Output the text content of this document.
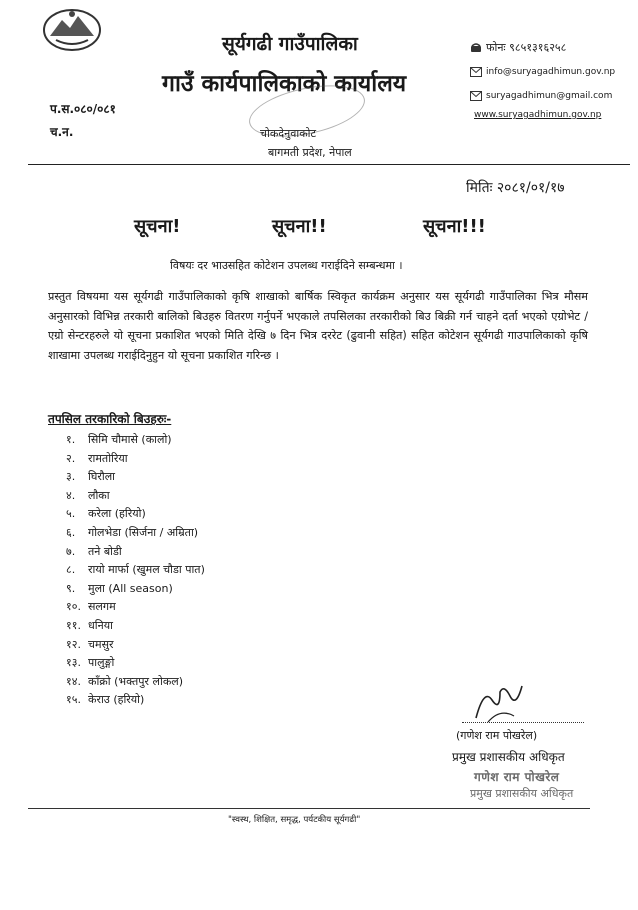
सूर्यगढी गाउँपालिका
गाउँ कार्यपालिकाको कार्यालय
चोकदेनुवाकोट
बागमती प्रदेश, नेपाल
प.स.०८०/०८१
च.न.
फोनः ९८५१३१६२५८
info@suryagadhimun.gov.np
suryagadhimun@gmail.com
www.suryagadhimun.gov.np
मितिः २०८१/०१/१७
सूचना!	सूचना!!	सूचना!!!
विषयः दर भाउसहित कोटेशन उपलब्ध गराईदिने सम्बन्धमा ।
प्रस्तुत विषयमा यस सूर्यगढी गाउँपालिकाको कृषि शाखाको बार्षिक स्विकृत कार्यक्रम अनुसार यस सूर्यगढी गाउँपालिका भित्र मौसम अनुसारको विभिन्न तरकारी बालिको बिउहरु वितरण गर्नुपर्ने भएकाले तपसिलका तरकारीको बिउ बिक्री गर्न चाहने दर्ता भएको एग्रोभेट / एग्रो सेन्टरहरुले यो सूचना प्रकाशित भएको मिति देखि ७ दिन भित्र दररेट (ढुवानी सहित) सहित कोटेशन सूर्यगढी गाउपालिकाको कृषि शाखामा उपलब्ध गराईदिनुहुन यो सूचना प्रकाशित गरिन्छ ।
तपसिल तरकारिको बिउहरुः-
१. सिमि चौमासे (कालो)
२. रामतोरिया
३. घिरौला
४. लौका
५. करेला (हरियो)
६. गोलभेडा (सिर्जना / अम्रिता)
७. तने बोडी
८. रायो मार्फा (खुमल चौडा पात)
९. मुला (All season)
१०. सलगम
११. धनिया
१२. चमसुर
१३. पालुङ्गो
१४. काँक्रो (भक्तपुर लोकल)
१५. केराउ (हरियो)
(गणेश राम पोखरेल)
प्रमुख प्रशासकीय अधिकृत
गणेश राम पोखरेल
प्रमुख प्रशासकीय अधिकृत
"स्वस्थ, शिक्षित, समृद्ध, पर्यटकीय सूर्यगढी"
